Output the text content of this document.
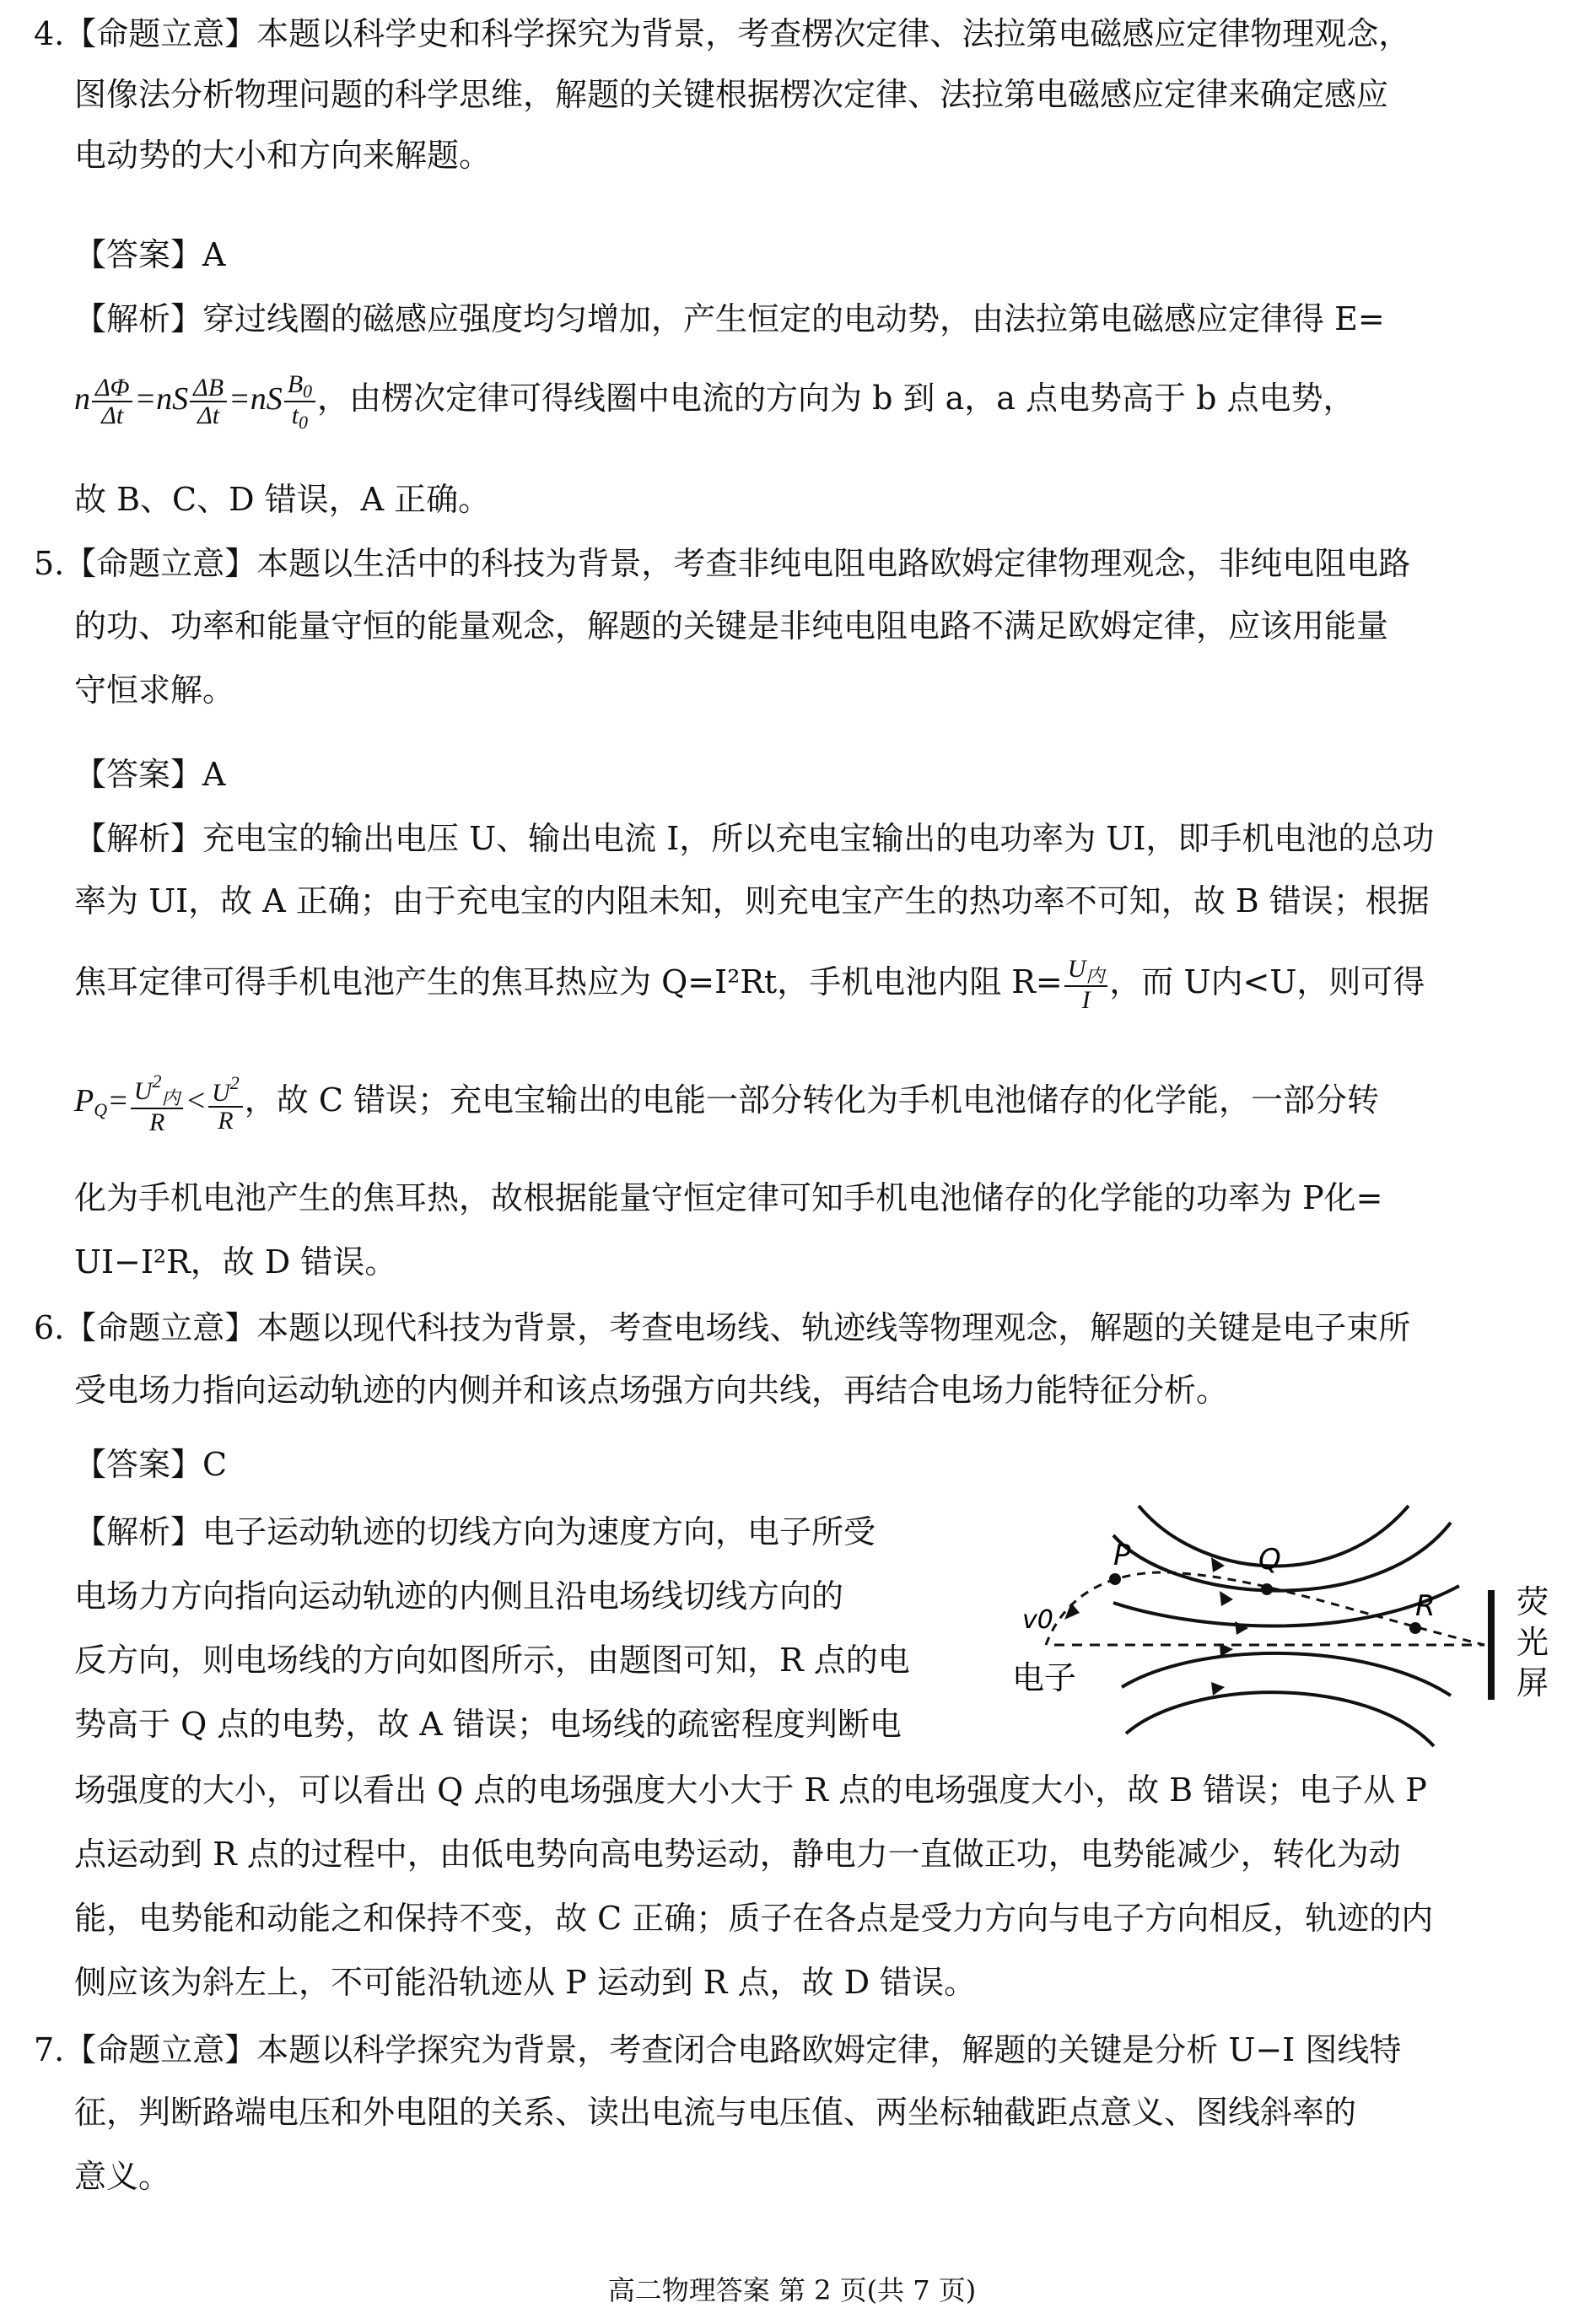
4.【命题立意】本题以科学史和科学探究为背景，考查楞次定律、法拉第电磁感应定律物理观念，
图像法分析物理问题的科学思维，解题的关键根据楞次定律、法拉第电磁感应定律来确定感应
电动势的大小和方向来解题。
【答案】A
【解析】穿过线圈的磁感应强度均匀增加，产生恒定的电动势，由法拉第电磁感应定律得 E=
n $\frac{\Delta\Phi}{\Delta t} =nS \frac{\Delta B}{\Delta t} =nS \frac{B_0}{t_0}$ ，由楞次定律可得线圈中电流的方向为 b 到 a，a 点电势高于 b 点电势，
故 B、C、D 错误，A 正确。
5.【命题立意】本题以生活中的科技为背景，考查非纯电阻电路欧姆定律物理观念，非纯电阻电路
的功、功率和能量守恒的能量观念，解题的关键是非纯电阻电路不满足欧姆定律，应该用能量
守恒求解。
【答案】A
【解析】充电宝的输出电压 U、输出电流 I，所以充电宝输出的电功率为 UI，即手机电池的总功
率为 UI，故 A 正确；由于充电宝的内阻未知，则充电宝产生的热功率不可知，故 B 错误；根据
焦耳定律可得手机电池产生的焦耳热应为 Q=I²Rt，手机电池内阻 $R= \frac{U_内}{I}$ ，而 U内<U，则可得
$P_Q= \frac{U^2_内}{R} < \frac{U^2}{R}$ ，故 C 错误；充电宝输出的电能一部分转化为手机电池储存的化学能，一部分转
化为手机电池产生的焦耳热，故根据能量守恒定律可知手机电池储存的化学能的功率为 P化=
UI−I²R，故 D 错误。
6.【命题立意】本题以现代科技为背景，考查电场线、轨迹线等物理观念，解题的关键是电子束所
受电场力指向运动轨迹的内侧并和该点场强方向共线，再结合电场力能特征分析。
【答案】C
【解析】电子运动轨迹的切线方向为速度方向，电子所受
电场力方向指向运动轨迹的内侧且沿电场线切线方向的
反方向，则电场线的方向如图所示，由题图可知，R 点的电
势高于 Q 点的电势，故 A 错误；电场线的疏密程度判断电
场强度的大小，可以看出 Q 点的电场强度大小大于 R 点的电场强度大小，故 B 错误；电子从 P
点运动到 R 点的过程中，由低电势向高电势运动，静电力一直做正功，电势能减少，转化为动
能，电势能和动能之和保持不变，故 C 正确；质子在各点是受力方向与电子方向相反，轨迹的内
侧应该为斜左上，不可能沿轨迹从 P 运动到 R 点，故 D 错误。
P	Q
R
v0
电子
荧
光
屏
7.【命题立意】本题以科学探究为背景，考查闭合电路欧姆定律，解题的关键是分析 U−I 图线特
征，判断路端电压和外电阻的关系、读出电流与电压值、两坐标轴截距点意义、图线斜率的
意义。
高二物理答案 第 2 页(共 7 页)
